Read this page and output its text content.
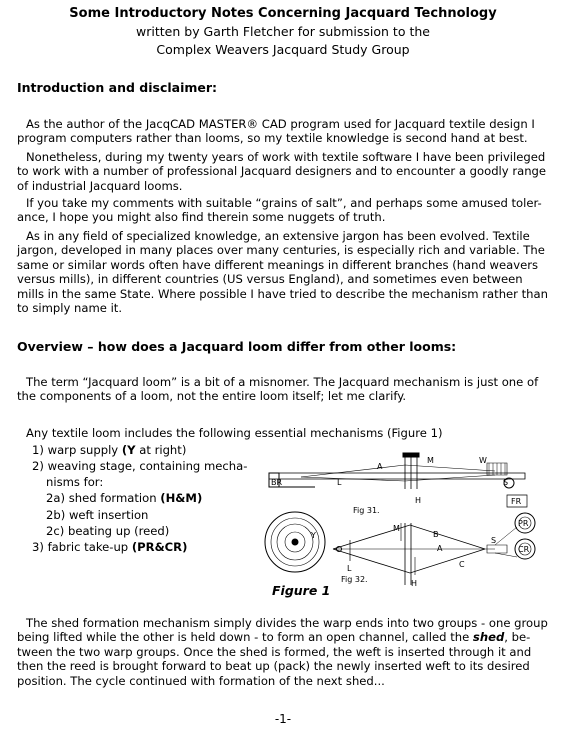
Some Introductory Notes Concerning Jacquard Technology
written by Garth Fletcher for submission to the
Complex Weavers Jacquard Study Group
Introduction and disclaimer:

As the author of the JacqCAD MASTER® CAD program used for Jacquard textile design I program computers rather than looms, so my textile knowledge is second hand at best.

Nonetheless, during my twenty years of work with textile software I have been privileged to work with a number of professional Jacquard designers and to encounter a goodly range of industrial Jacquard looms.

If you take my comments with suitable “grains of salt”, and perhaps some amused toler-ance, I hope you might also find therein some nuggets of truth.

As in any field of specialized knowledge, an extensive jargon has been evolved. Textile jargon, developed in many places over many centuries, is especially rich and variable. The same or similar words often have different meanings in different branches (hand weavers versus mills), in different countries (US versus England), and sometimes even between mills in the same State. Where possible I have tried to describe the mechanism rather than to simply name it.

Overview – how does a Jacquard loom differ from other looms:

The term “Jacquard loom” is a bit of a misnomer. The Jacquard mechanism is just one of the components of a loom, not the entire loom itself; let me clarify.

Any textile loom includes the following essential mechanisms (Figure 1)
1) warp supply (Y at right)
2) weaving stage, containing mecha-
nisms for:
2a) shed formation (H&M)
2b) weft insertion
2c) beating up (reed)
3) fabric take-up (PR&CR)
BR	L
A
M
H
W
S
FR
Fig 31.
Y
M
B
A
C
S
PR
CR
L
Fig 32.	H
Figure 1

The shed formation mechanism simply divides the warp ends into two groups - one group being lifted while the other is held down - to form an open channel, called the shed, be-tween the two warp groups. Once the shed is formed, the weft is inserted through it and then the reed is brought forward to beat up (pack) the newly inserted weft to its desired position. The cycle continued with formation of the next shed...

-1-
